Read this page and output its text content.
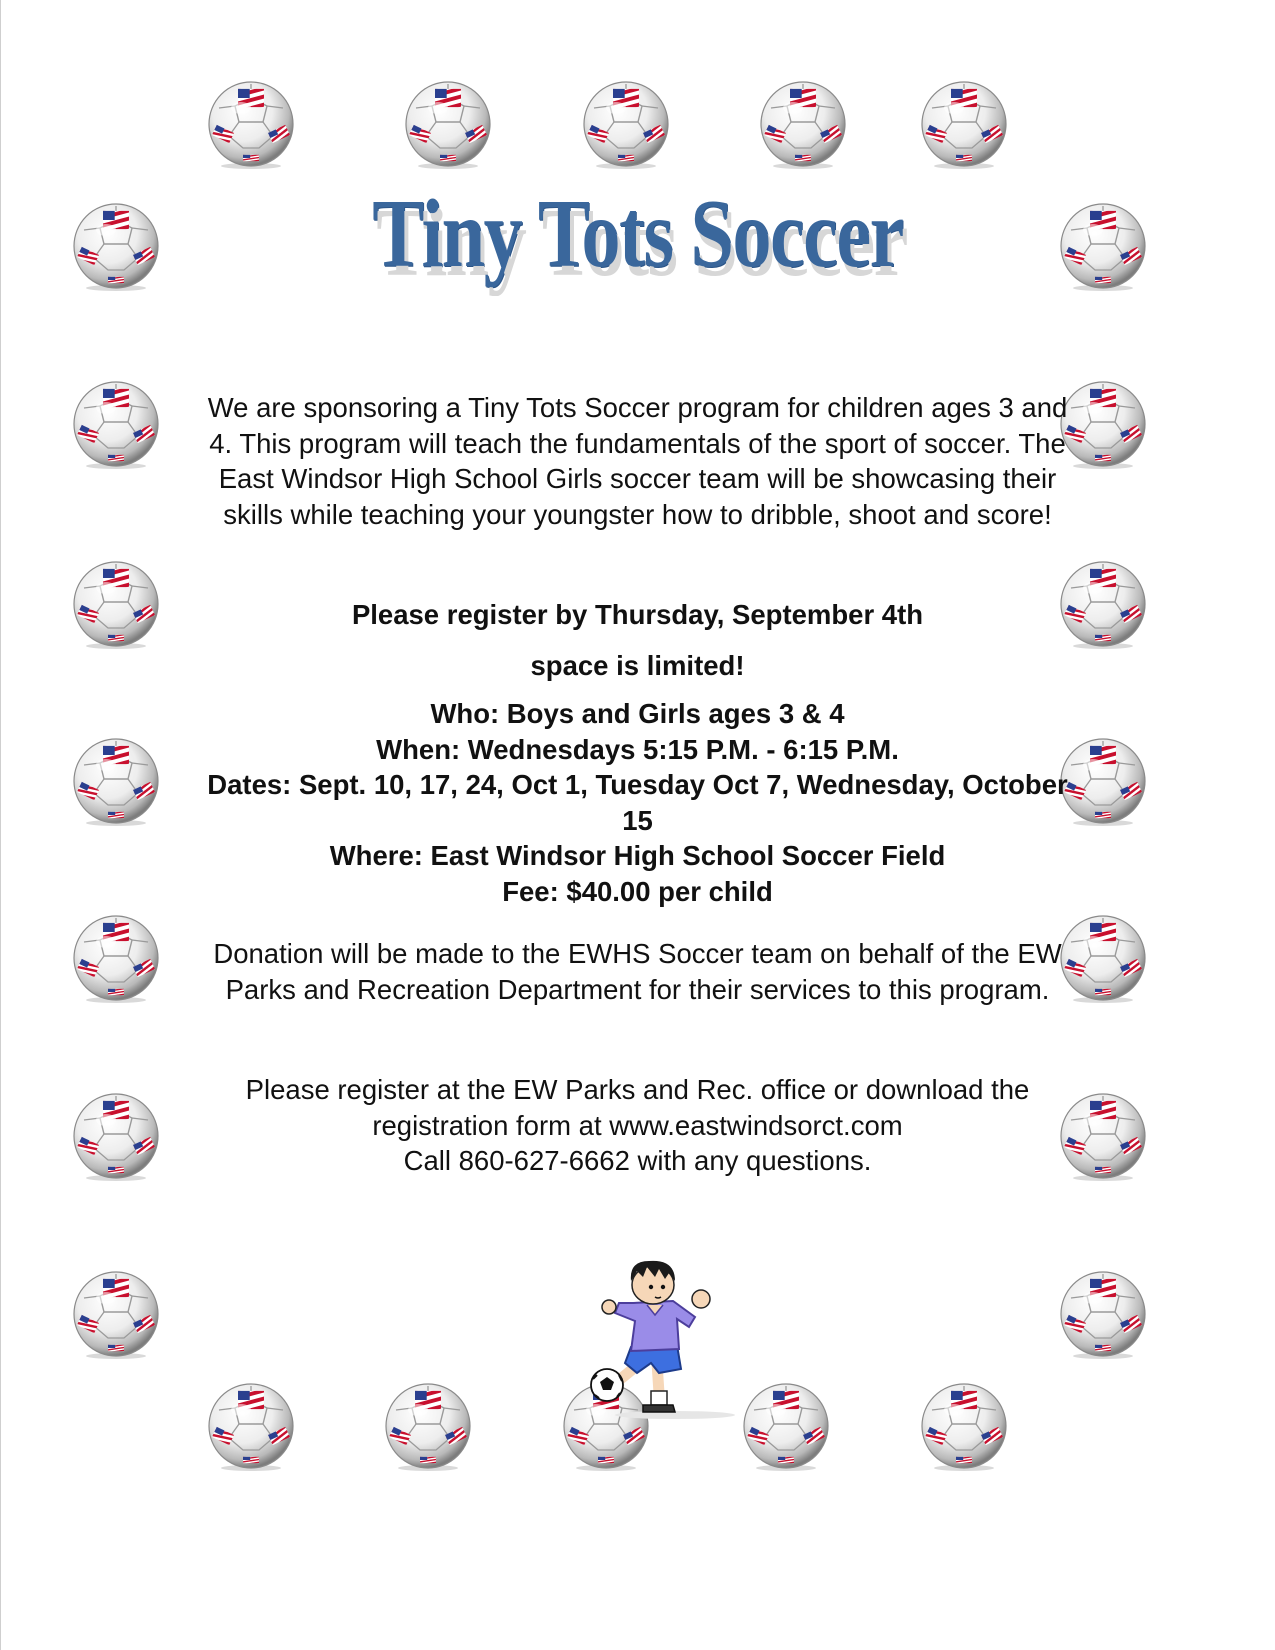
Tiny Tots Soccer

We are sponsoring a Tiny Tots Soccer program for children ages 3 and 4. This program will teach the fundamentals of the sport of soccer. The East Windsor High School Girls soccer team will be showcasing their skills while teaching your youngster how to dribble, shoot and score!

Please register by Thursday, September 4th

space is limited!

Who: Boys and Girls ages 3 & 4

When: Wednesdays 5:15 P.M. - 6:15 P.M.

Dates: Sept. 10, 17, 24, Oct 1, Tuesday Oct 7, Wednesday, October 15

Where: East Windsor High School Soccer Field

Fee: $40.00 per child

Donation will be made to the EWHS Soccer team on behalf of the EW Parks and Recreation Department for their services to this program.

Please register at the EW Parks and Rec. office or download the registration form at www.eastwindsorct.com

Call 860-627-6662 with any questions.
